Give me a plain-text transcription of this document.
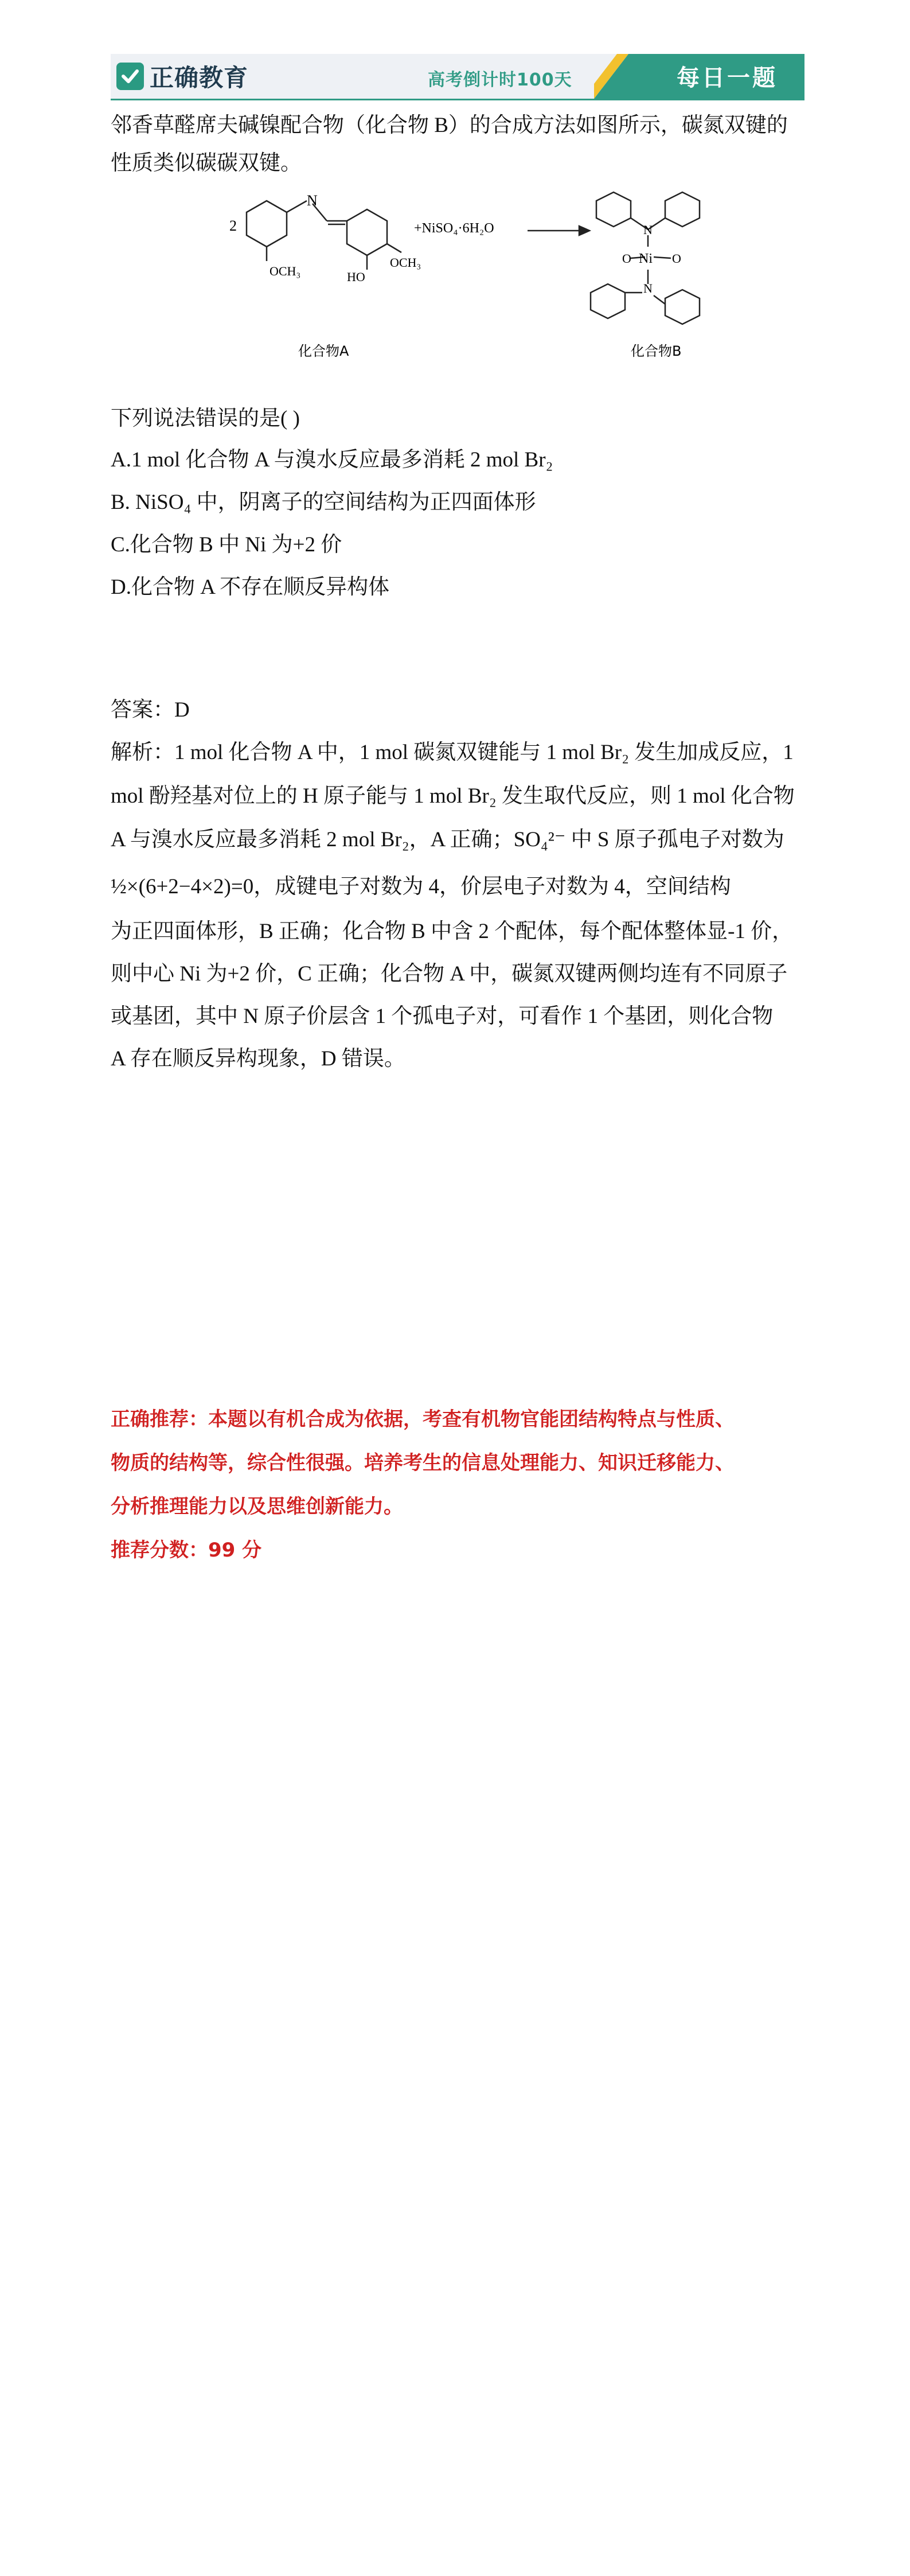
正确教育	高考倒计时100天	每日一题

邻香草醛席夫碱镍配合物（化合物 B）的合成方法如图所示，碳氮双键的性质类似碳碳双键。

2
N
OCH₃	HO
OCH₃
化合物A
+NiSO₄·6H₂O	N
Ni
O	O
N
化合物B

下列说法错误的是( )

A.1 mol 化合物 A 与溴水反应最多消耗 2 mol Br₂

B. NiSO₄ 中，阴离子的空间结构为正四面体形

C.化合物 B 中 Ni 为+2 价

D.化合物 A 不存在顺反异构体

答案：D

解析：1 mol 化合物 A 中，1 mol 碳氮双键能与 1 mol Br₂ 发生加成反应，1

mol 酚羟基对位上的 H 原子能与 1 mol Br₂ 发生取代反应，则 1 mol 化合物

A 与溴水反应最多消耗 2 mol Br₂，A 正确；SO₄²⁻ 中 S 原子孤电子对数为

½×(6+2−4×2)=0，成键电子对数为 4，价层电子对数为 4，空间结构

为正四面体形，B 正确；化合物 B 中含 2 个配体，每个配体整体显-1 价，

则中心 Ni 为+2 价，C 正确；化合物 A 中，碳氮双键两侧均连有不同原子

或基团，其中 N 原子价层含 1 个孤电子对，可看作 1 个基团，则化合物

A 存在顺反异构现象，D 错误。

正确推荐：本题以有机合成为依据，考查有机物官能团结构特点与性质、

物质的结构等，综合性很强。培养考生的信息处理能力、知识迁移能力、

分析推理能力以及思维创新能力。

推荐分数：99 分
